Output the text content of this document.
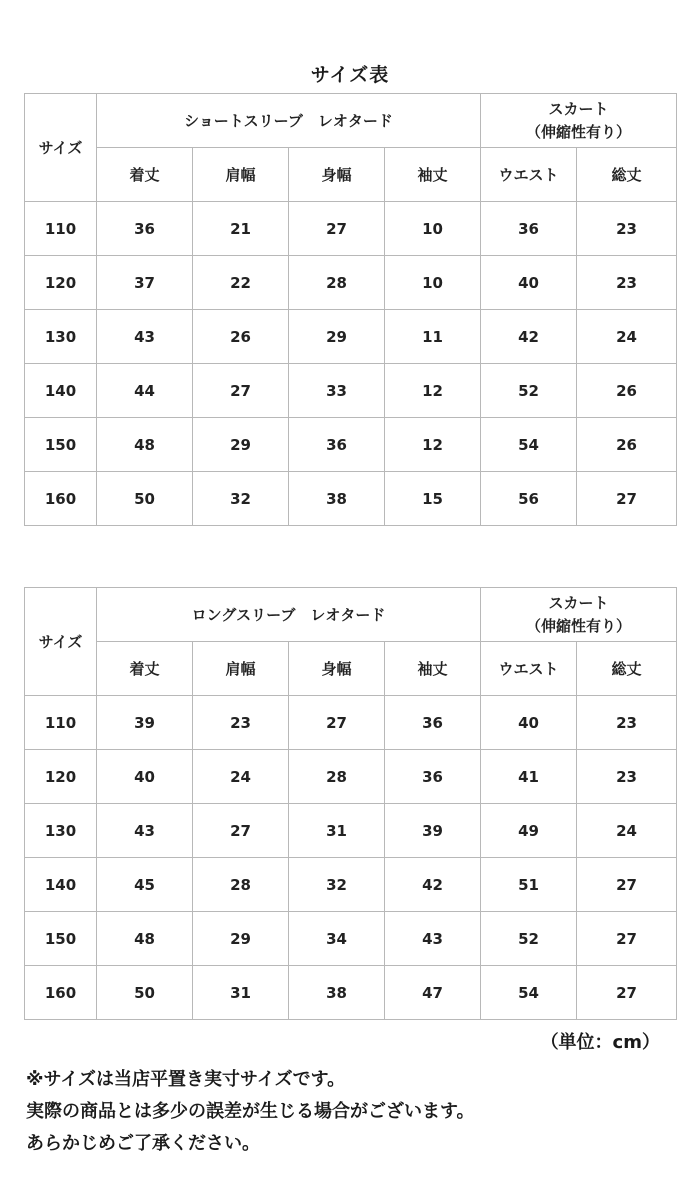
サイズ表
サイズ	ショートスリーブ　レオタード				スカート
（伸縮性有り）	

	着丈	肩幅	身幅	袖丈	ウエスト	総丈
110	36	21	27	10	36	23
120	37	22	28	10	40	23
130	43	26	29	11	42	24
140	44	27	33	12	52	26
150	48	29	36	12	54	26
160	50	32	38	15	56	27
サイズ	ロングスリーブ　レオタード				スカート
（伸縮性有り）	

	着丈	肩幅	身幅	袖丈	ウエスト	総丈
110	39	23	27	36	40	23
120	40	24	28	36	41	23
130	43	27	31	39	49	24
140	45	28	32	42	51	27
150	48	29	34	43	52	27
160	50	31	38	47	54	27
（単位：cm）
※サイズは当店平置き実寸サイズです。
実際の商品とは多少の誤差が生じる場合がございます。
あらかじめご了承ください。
